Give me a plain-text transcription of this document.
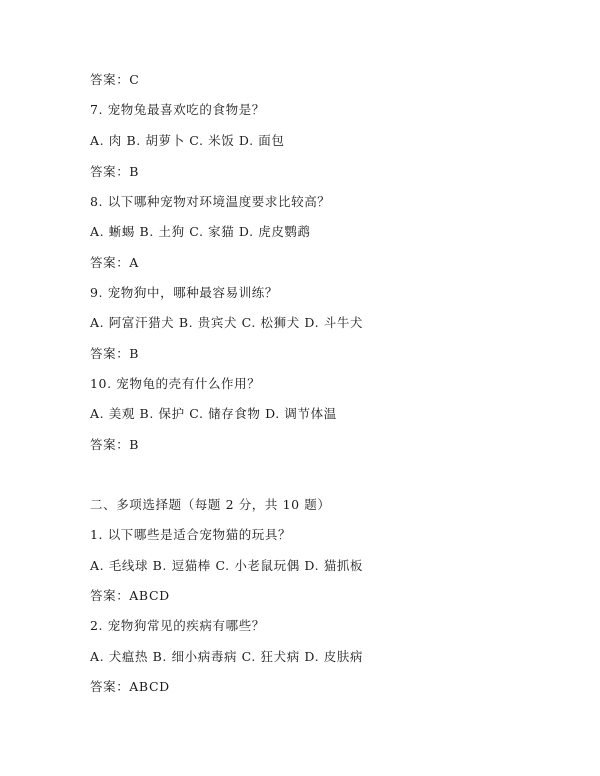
答案：C
7. 宠物兔最喜欢吃的食物是？
A. 肉 B. 胡萝卜 C. 米饭 D. 面包
答案：B
8. 以下哪种宠物对环境温度要求比较高？
A. 蜥蜴 B. 土狗 C. 家猫 D. 虎皮鹦鹉
答案：A
9. 宠物狗中，哪种最容易训练？
A. 阿富汗猎犬 B. 贵宾犬 C. 松狮犬 D. 斗牛犬
答案：B
10. 宠物龟的壳有什么作用？
A. 美观 B. 保护 C. 储存食物 D. 调节体温
答案：B
二、多项选择题（每题 2 分，共 10 题）
1. 以下哪些是适合宠物猫的玩具？
A. 毛线球 B. 逗猫棒 C. 小老鼠玩偶 D. 猫抓板
答案：ABCD
2. 宠物狗常见的疾病有哪些？
A. 犬瘟热 B. 细小病毒病 C. 狂犬病 D. 皮肤病
答案：ABCD
